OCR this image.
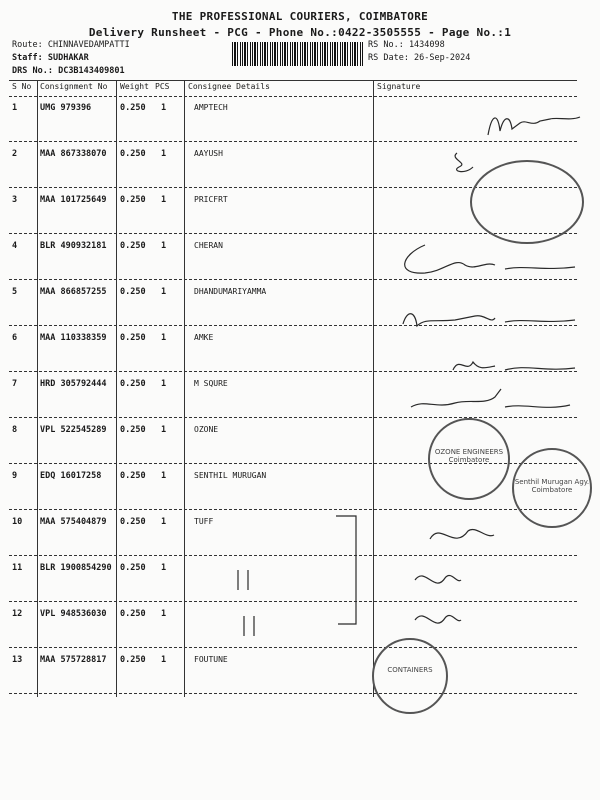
THE PROFESSIONAL COURIERS, COIMBATORE
Delivery Runsheet - PCG - Phone No.:0422-3505555 - Page No.:1
Route: CHINNAVEDAMPATTI
Staff: SUDHAKAR
DRS No.: DC3B143409801
RS No.: 1434098
RS Date: 26-Sep-2024
S No Consignment No Weight PCS Consignee Details	Signature
1	UMG 979396	0.250 1	AMPTECH
2	MAA 867338070 0.250 1	AAYUSH
3	MAA 101725649 0.250 1	PRICFRT
4	BLR 490932181 0.250 1	CHERAN
5	MAA 866857255 0.250 1	DHANDUMARIYAMMA
6	MAA 110338359 0.250 1	AMKE
7	HRD 305792444 0.250 1	M SQURE
8	VPL 522545289 0.250 1	OZONE
9	EDQ 16017258 0.250 1	SENTHIL MURUGAN
10 MAA 575404879 0.250 1	TUFF
11 BLR 1900854290 0.250 1
12 VPL 948536030 0.250 1
13 MAA 575728817 0.250 1	FOUTUNE
OZONE ENGINEERS Coimbatore
Senthil Murugan Agy. Coimbatore
CONTAINERS
